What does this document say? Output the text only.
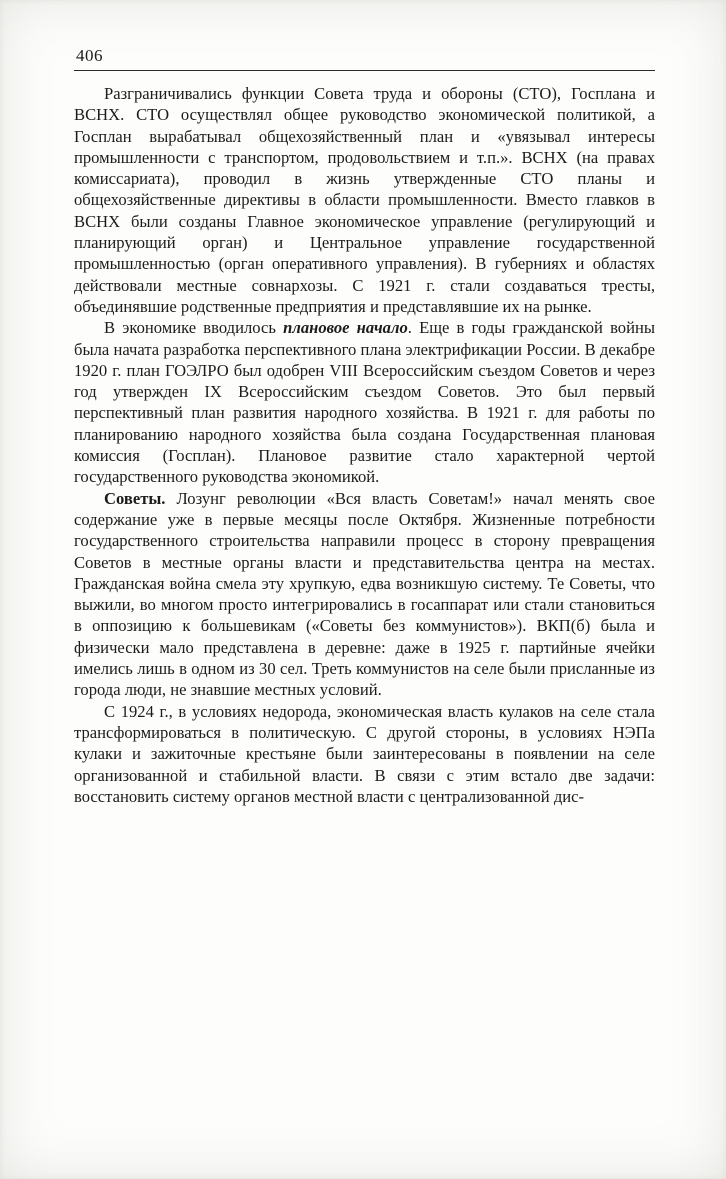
406

Разграничивались функции Совета труда и обороны (СТО), Госплана и ВСНХ. СТО осуществлял общее руководство экономической политикой, а Госплан вырабатывал общехозяйственный план и «увязывал интересы промышленности с транспортом, продовольствием и т.п.». ВСНХ (на правах комиссариата), проводил в жизнь утвержденные СТО планы и общехозяйственные директивы в области промышленности. Вместо главков в ВСНХ были созданы Главное экономическое управление (регулирующий и планирующий орган) и Центральное управление государственной промышленностью (орган оперативного управления). В губерниях и областях действовали местные совнархозы. С 1921 г. стали создаваться тресты, объединявшие родственные предприятия и представлявшие их на рынке.

В экономике вводилось плановое начало. Еще в годы гражданской войны была начата разработка перспективного плана электрификации России. В декабре 1920 г. план ГОЭЛРО был одобрен VIII Всероссийским съездом Советов и через год утвержден IX Всероссийским съездом Советов. Это был первый перспективный план развития народного хозяйства. В 1921 г. для работы по планированию народного хозяйства была создана Государственная плановая комиссия (Госплан). Плановое развитие стало характерной чертой государственного руководства экономикой.

Советы. Лозунг революции «Вся власть Советам!» начал менять свое содержание уже в первые месяцы после Октября. Жизненные потребности государственного строительства направили процесс в сторону превращения Советов в местные органы власти и представительства центра на местах. Гражданская война смела эту хрупкую, едва возникшую систему. Те Советы, что выжили, во многом просто интегрировались в госаппарат или стали становиться в оппозицию к большевикам («Советы без коммунистов»). ВКП(б) была и физически мало представлена в деревне: даже в 1925 г. партийные ячейки имелись лишь в одном из 30 сел. Треть коммунистов на селе были присланные из города люди, не знавшие местных условий.

С 1924 г., в условиях недорода, экономическая власть кулаков на селе стала трансформироваться в политическую. С другой стороны, в условиях НЭПа кулаки и зажиточные крестьяне были заинтересованы в появлении на селе организованной и стабильной власти. В связи с этим встало две задачи: восстановить систему органов местной власти с централизованной дис-
